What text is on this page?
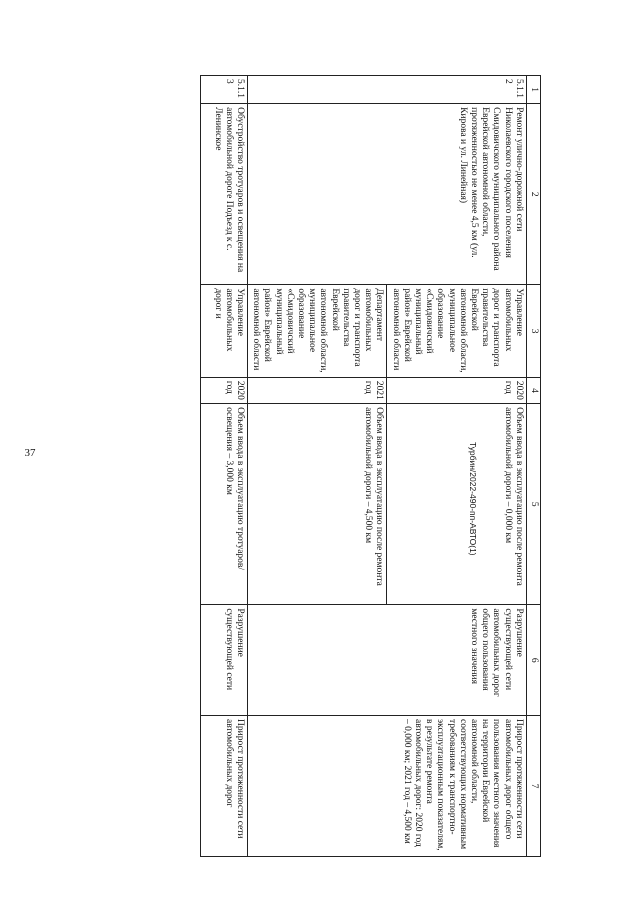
37	Турбин/2022-490-пп-АВТО(1)
1	2	3	4	5	6	7
5.1.12	Ремонт улично-дорожной сети Николаевского городского поселения Смидовичского муниципального района Еврейской автономной области, протяженностью не менее 4,5 км (ул. Кирова и ул. Линейная)	Управление автомобильных дорог и транспорта правительства Еврейской автономной области, муниципальное образование «Смидовичский муниципальный район» Еврейской автономной области	2020 год	Объем ввода в эксплуатацию после ремонта автомобильной дороги – 0,000 км	Разрушение существующей сети автомобильных дорог общего пользования местного значения	Прирост протяженности сети автомобильных дорог общего пользования местного значения на территории Еврейской автономной области, соответствующих нормативным требованиям к транспортно-эксплуатационным показателям, в результате ремонта автомобильных дорог: 2020 год – 0,000 км; 2021 год – 4,500 км
		Департамент автомобильных дорог и транспорта правительства Еврейской автономной области, муниципальное образование «Смидовичский муниципальный район» Еврейской автономной области	2021 год	Объем ввода в эксплуатацию после ремонта автомобильной дороги – 4,500 км		
5.1.13	Обустройство тротуаров и освещения на автомобильной дороге Подъезд к с. Ленинское	Управление автомобильных дорог и	2020 год	Объем ввода в эксплуатацию тротуаров/освещения – 3,000 км	Разрушение существующей сети	Прирост протяженности сети автомобильных дорог
